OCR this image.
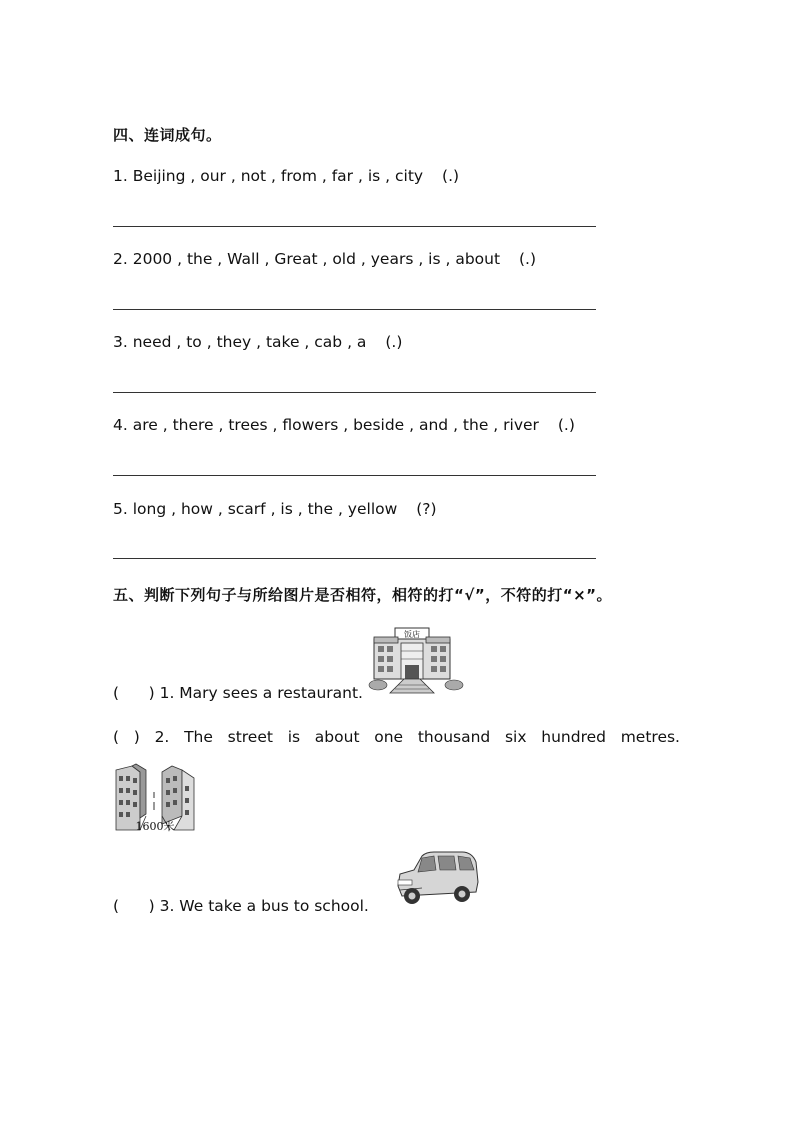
四、连词成句。
1. Beijing , our , not , from , far , is , city (.)
2. 2000 , the , Wall , Great , old , years , is , about (.)
3. need , to , they , take , cab , a (.)
4. are , there , trees , flowers , beside , and , the , river (.)
5. long , how , scarf , is , the , yellow (?)
五、判断下列句子与所给图片是否相符，相符的打“√”，不符的打“×”。
饭店
(      ) 1. Mary sees a restaurant.
( ) 2. The street is about one thousand six hundred metres.
1600米
(      ) 3. We take a bus to school.
